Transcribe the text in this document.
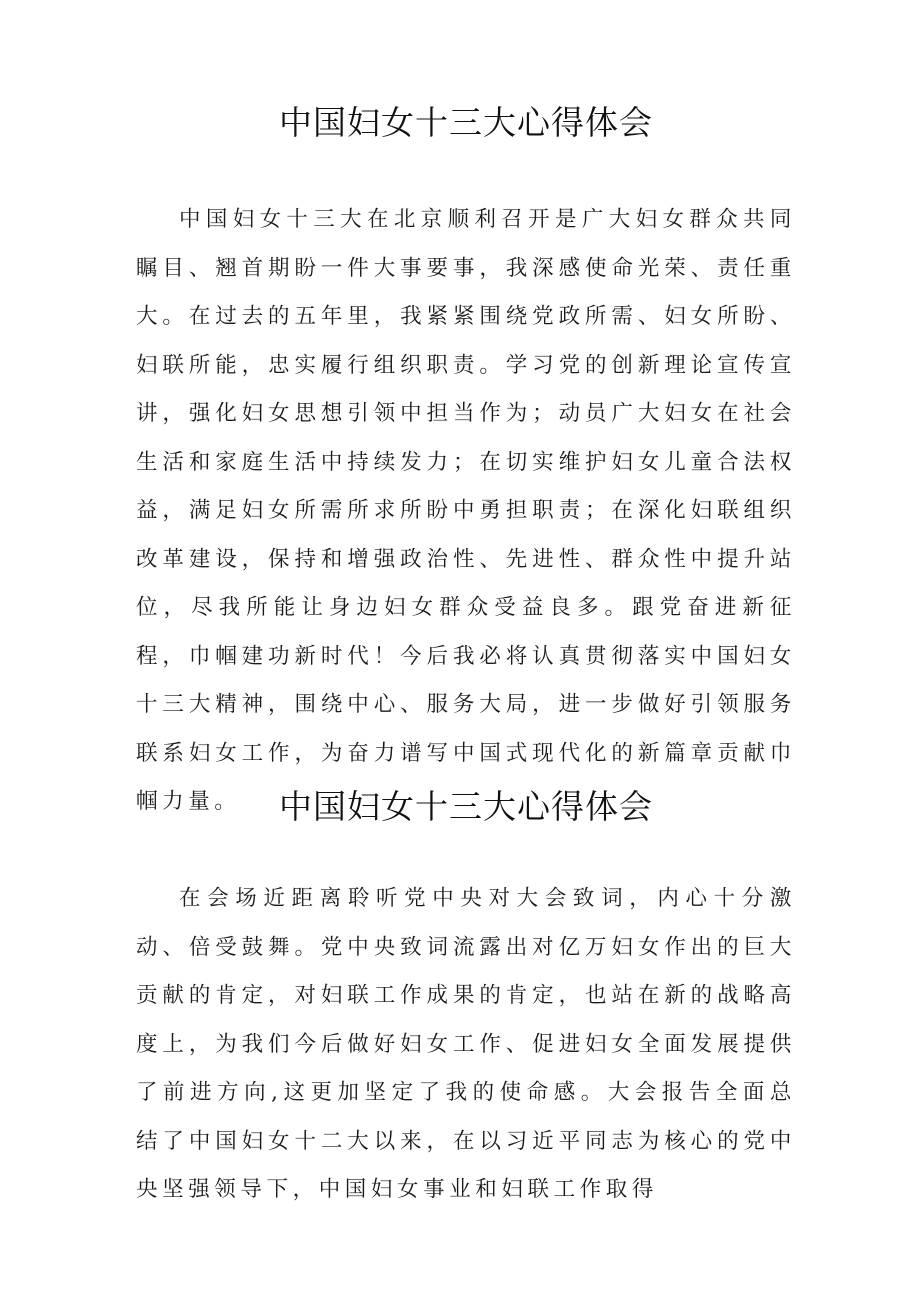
中国妇女十三大心得体会

中国妇女十三大在北京顺利召开是广大妇女群众共同瞩目、翘首期盼一件大事要事，我深感使命光荣、责任重大。在过去的五年里，我紧紧围绕党政所需、妇女所盼、妇联所能，忠实履行组织职责。学习党的创新理论宣传宣讲，强化妇女思想引领中担当作为；动员广大妇女在社会生活和家庭生活中持续发力；在切实维护妇女儿童合法权益，满足妇女所需所求所盼中勇担职责；在深化妇联组织改革建设，保持和增强政治性、先进性、群众性中提升站位，尽我所能让身边妇女群众受益良多。跟党奋进新征程，巾帼建功新时代！今后我必将认真贯彻落实中国妇女十三大精神，围绕中心、服务大局，进一步做好引领服务联系妇女工作，为奋力谱写中国式现代化的新篇章贡献巾帼力量。	中国妇女十三大心得体会

在会场近距离聆听党中央对大会致词，内心十分激动、倍受鼓舞。党中央致词流露出对亿万妇女作出的巨大贡献的肯定，对妇联工作成果的肯定，也站在新的战略高度上，为我们今后做好妇女工作、促进妇女全面发展提供了前进方向,这更加坚定了我的使命感。大会报告全面总结了中国妇女十二大以来，在以习近平同志为核心的党中央坚强领导下，中国妇女事业和妇联工作取得
